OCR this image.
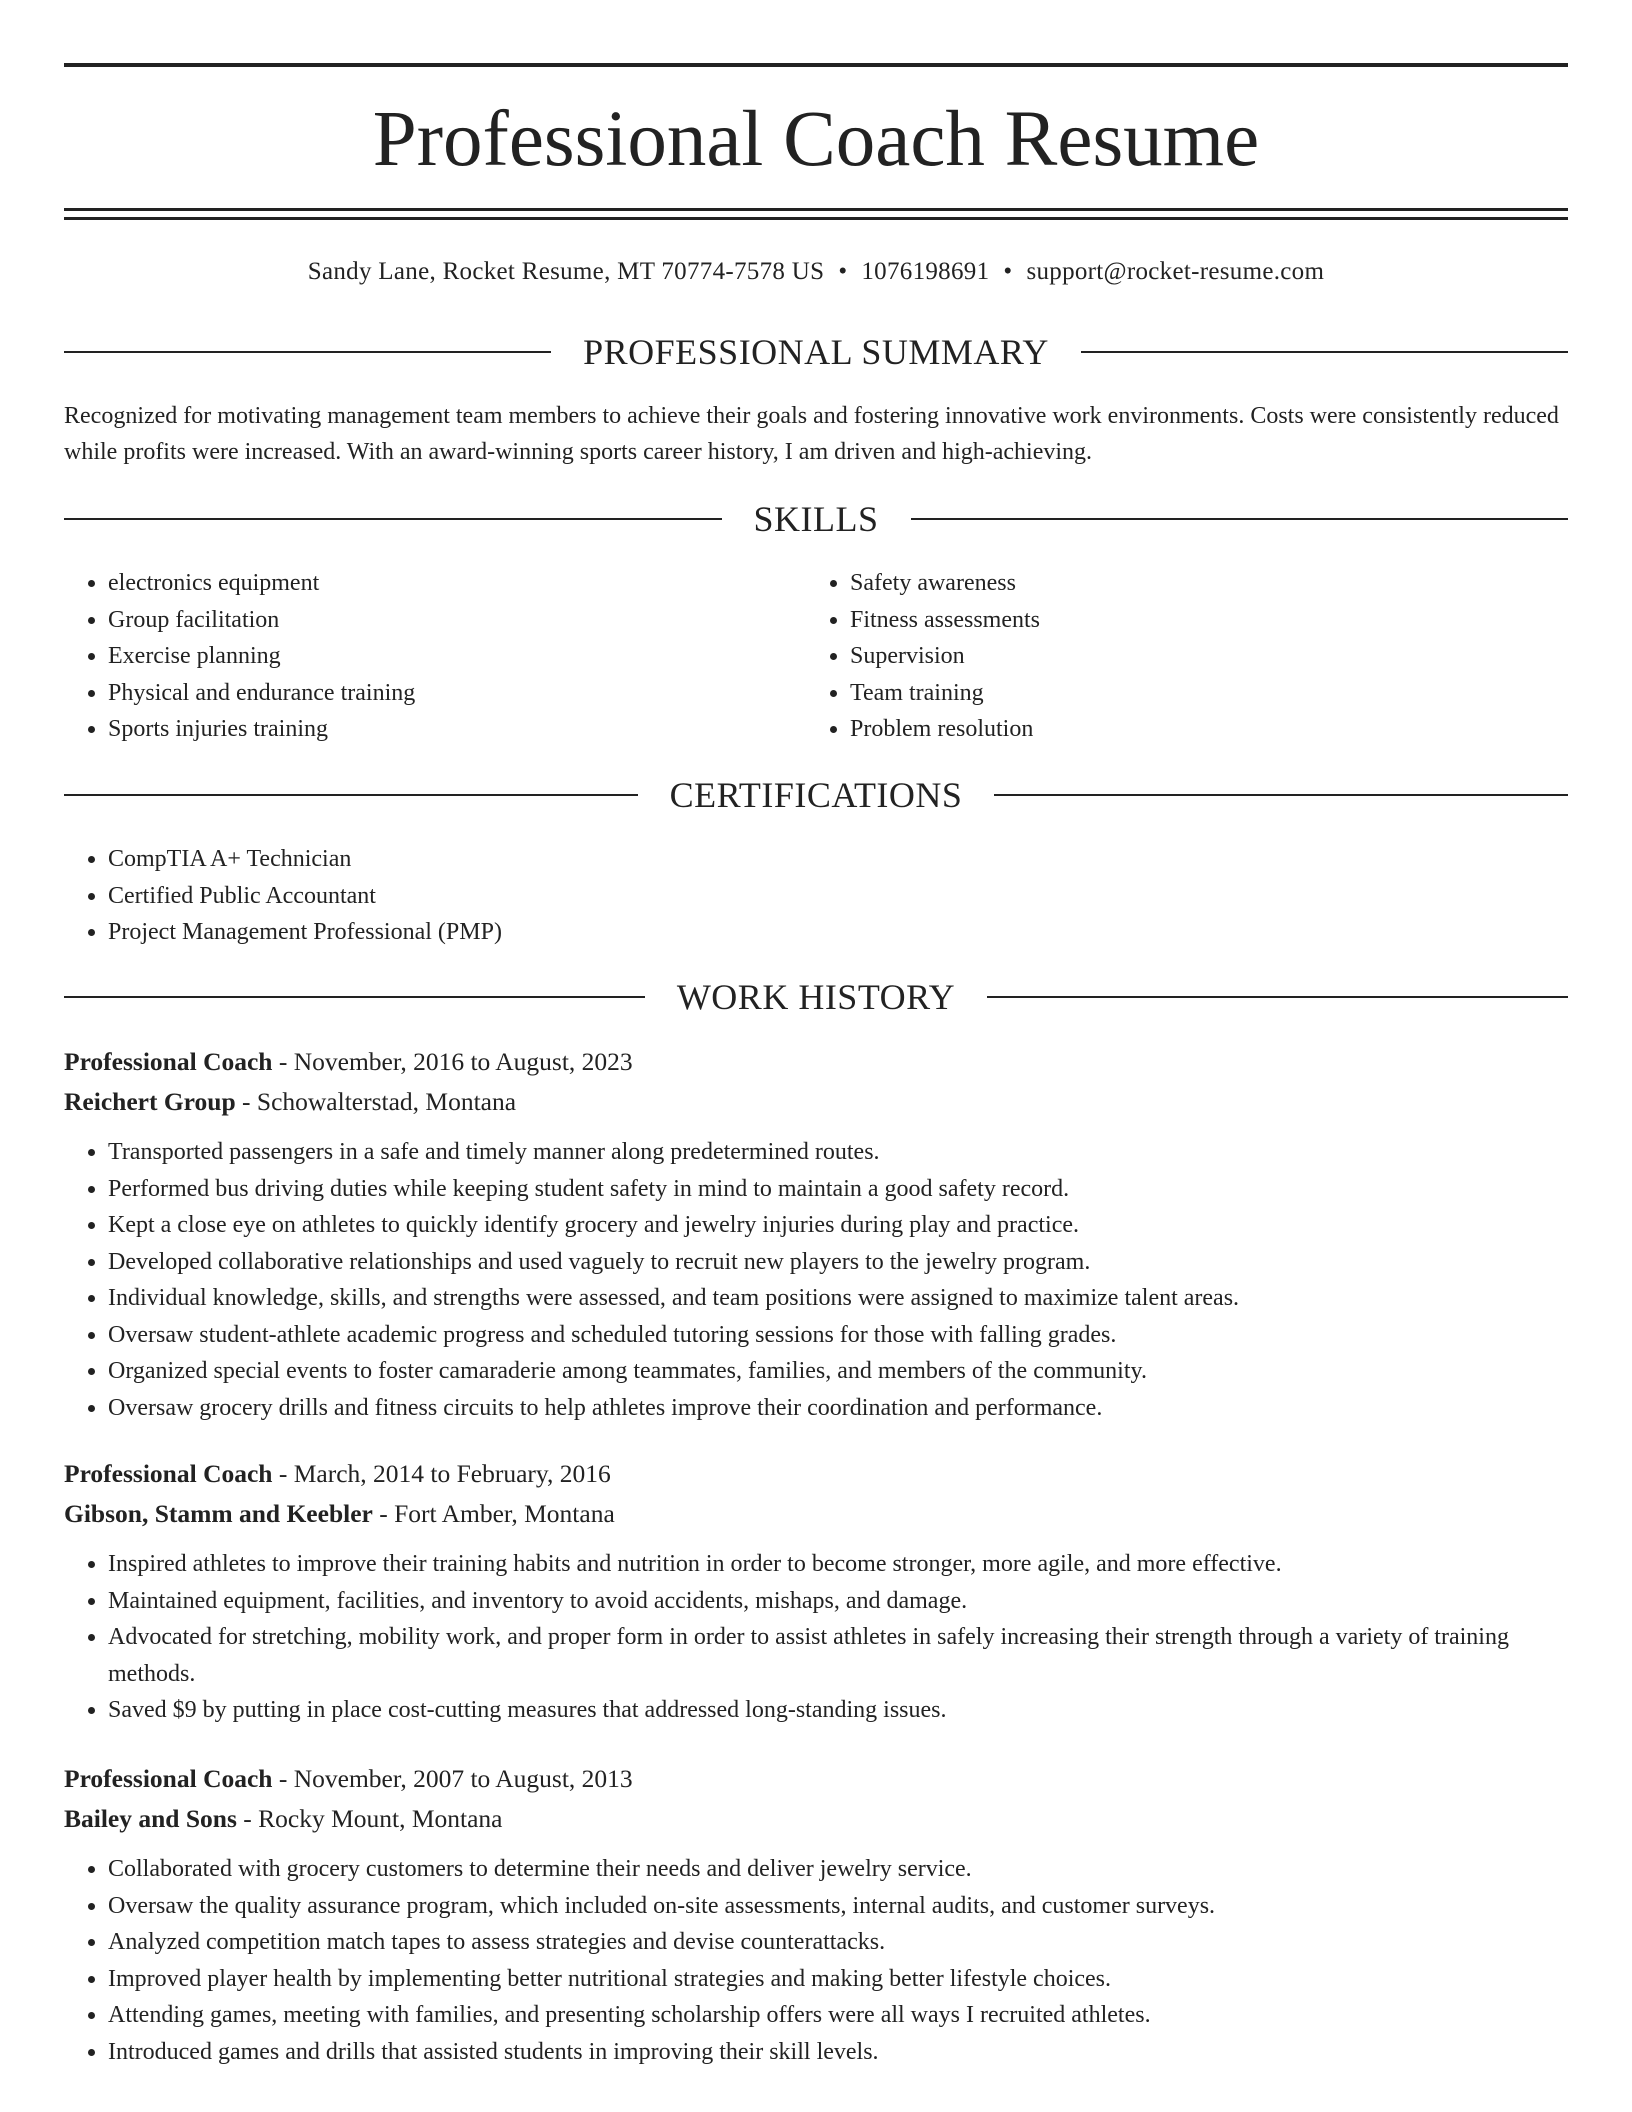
Professional Coach Resume
Sandy Lane, Rocket Resume, MT 70774-7578 US • 1076198691 • support@rocket-resume.com
PROFESSIONAL SUMMARY
Recognized for motivating management team members to achieve their goals and fostering innovative work environments. Costs were consistently reduced while profits were increased. With an award-winning sports career history, I am driven and high-achieving.
SKILLS
• electronics equipment
• Group facilitation
• Exercise planning
• Physical and endurance training
• Sports injuries training
• Safety awareness
• Fitness assessments
• Supervision
• Team training
• Problem resolution
CERTIFICATIONS
• CompTIA A+ Technician
• Certified Public Accountant
• Project Management Professional (PMP)
WORK HISTORY
Professional Coach - November, 2016 to August, 2023
Reichert Group - Schowalterstad, Montana
• Transported passengers in a safe and timely manner along predetermined routes.
• Performed bus driving duties while keeping student safety in mind to maintain a good safety record.
• Kept a close eye on athletes to quickly identify grocery and jewelry injuries during play and practice.
• Developed collaborative relationships and used vaguely to recruit new players to the jewelry program.
• Individual knowledge, skills, and strengths were assessed, and team positions were assigned to maximize talent areas.
• Oversaw student-athlete academic progress and scheduled tutoring sessions for those with falling grades.
• Organized special events to foster camaraderie among teammates, families, and members of the community.
• Oversaw grocery drills and fitness circuits to help athletes improve their coordination and performance.
Professional Coach - March, 2014 to February, 2016
Gibson, Stamm and Keebler - Fort Amber, Montana
• Inspired athletes to improve their training habits and nutrition in order to become stronger, more agile, and more effective.
• Maintained equipment, facilities, and inventory to avoid accidents, mishaps, and damage.
• Advocated for stretching, mobility work, and proper form in order to assist athletes in safely increasing their strength through a variety of training methods.
• Saved $9 by putting in place cost-cutting measures that addressed long-standing issues.
Professional Coach - November, 2007 to August, 2013
Bailey and Sons - Rocky Mount, Montana
• Collaborated with grocery customers to determine their needs and deliver jewelry service.
• Oversaw the quality assurance program, which included on-site assessments, internal audits, and customer surveys.
• Analyzed competition match tapes to assess strategies and devise counterattacks.
• Improved player health by implementing better nutritional strategies and making better lifestyle choices.
• Attending games, meeting with families, and presenting scholarship offers were all ways I recruited athletes.
• Introduced games and drills that assisted students in improving their skill levels.
